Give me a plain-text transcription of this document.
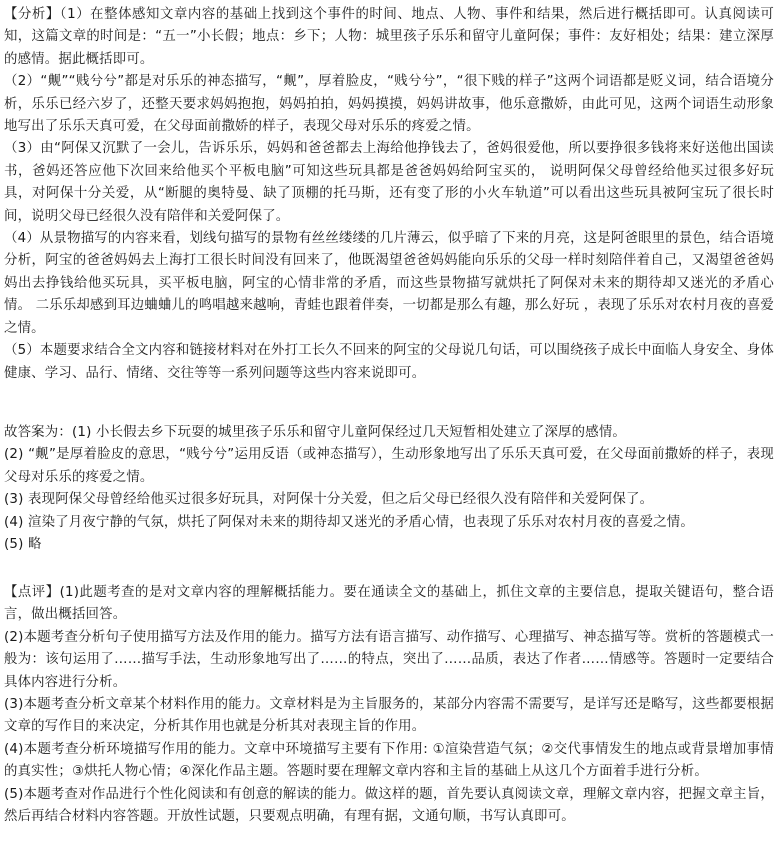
【分析】（1）在整体感知文章内容的基础上找到这个事件的时间、地点、人物、事件和结果，然后进行概括即可。认真阅读可知，这篇文章的时间是：“五一”小长假；地点：乡下；人物：城里孩子乐乐和留守儿童阿保；事件：友好相处；结果：建立深厚的感情。据此概括即可。

（2）“觍”“贱兮兮”都是对乐乐的神态描写，“觍”，厚着脸皮，“贱兮兮”，“很下贱的样子”这两个词语都是贬义词，结合语境分析，乐乐已经六岁了，还整天要求妈妈抱抱，妈妈拍拍，妈妈摸摸，妈妈讲故事，他乐意撒娇，由此可见，这两个词语生动形象地写出了乐乐天真可爱，在父母面前撒娇的样子，表现父母对乐乐的疼爱之情。

（3）由“阿保又沉默了一会儿，告诉乐乐，妈妈和爸爸都去上海给他挣钱去了，爸妈很爱他，所以要挣很多钱将来好送他出国读书，爸妈还答应他下次回来给他买个平板电脑”可知这些玩具都是爸爸妈妈给阿宝买的， 说明阿保父母曾经给他买过很多好玩具，对阿保十分关爱，从“断腿的奥特曼、缺了顶棚的托马斯，还有变了形的小火车轨道”可以看出这些玩具被阿宝玩了很长时间，说明父母已经很久没有陪伴和关爱阿保了。

（4）从景物描写的内容来看，划线句描写的景物有丝丝缕缕的几片薄云，似乎暗了下来的月亮，这是阿爸眼里的景色，结合语境分析，阿宝的爸爸妈妈去上海打工很长时间没有回来了，他既渴望爸爸妈妈能向乐乐的父母一样时刻陪伴着自己，又渴望爸爸妈妈出去挣钱给他买玩具，买平板电脑，阿宝的心情非常的矛盾，而这些景物描写就烘托了阿保对未来的期待却又迷光的矛盾心情。 二乐乐却感到耳边蛐蛐儿的鸣唱越来越响，青蛙也跟着伴奏，一切都是那么有趣，那么好玩 ，表现了乐乐对农村月夜的喜爱之情。

（5）本题要求结合全文内容和链接材料对在外打工长久不回来的阿宝的父母说几句话，可以围绕孩子成长中面临人身安全、身体健康、学习、品行、情绪、交往等等一系列问题等这些内容来说即可。

故答案为：(1) 小长假去乡下玩耍的城里孩子乐乐和留守儿童阿保经过几天短暂相处建立了深厚的感情。

(2) “觍”是厚着脸皮的意思，“贱兮兮”运用反语（或神态描写），生动形象地写出了乐乐天真可爱，在父母面前撒娇的样子，表现父母对乐乐的疼爱之情。

(3) 表现阿保父母曾经给他买过很多好玩具，对阿保十分关爱，但之后父母已经很久没有陪伴和关爱阿保了。

(4) 渲染了月夜宁静的气氛，烘托了阿保对未来的期待却又迷光的矛盾心情，也表现了乐乐对农村月夜的喜爱之情。

(5) 略

【点评】(1)此题考查的是对文章内容的理解概括能力。要在通读全文的基础上，抓住文章的主要信息，提取关键语句，整合语言，做出概括回答。

(2)本题考查分析句子使用描写方法及作用的能力。描写方法有语言描写、动作描写、心理描写、神态描写等。赏析的答题模式一般为：该句运用了……描写手法，生动形象地写出了……的特点，突出了……品质，表达了作者……情感等。答题时一定要结合具体内容进行分析。

(3)本题考查分析文章某个材料作用的能力。文章材料是为主旨服务的，某部分内容需不需要写，是详写还是略写，这些都要根据文章的写作目的来决定，分析其作用也就是分析其对表现主旨的作用。

(4)本题考查分析环境描写作用的能力。文章中环境描写主要有下作用: ①渲染营造气氛；②交代事情发生的地点或背景增加事情的真实性；③烘托人物心情；④深化作品主题。答题时要在理解文章内容和主旨的基础上从这几个方面着手进行分析。

(5)本题考查对作品进行个性化阅读和有创意的解读的能力。做这样的题，首先要认真阅读文章，理解文章内容，把握文章主旨，然后再结合材料内容答题。开放性试题，只要观点明确，有理有据，文通句顺，书写认真即可。
